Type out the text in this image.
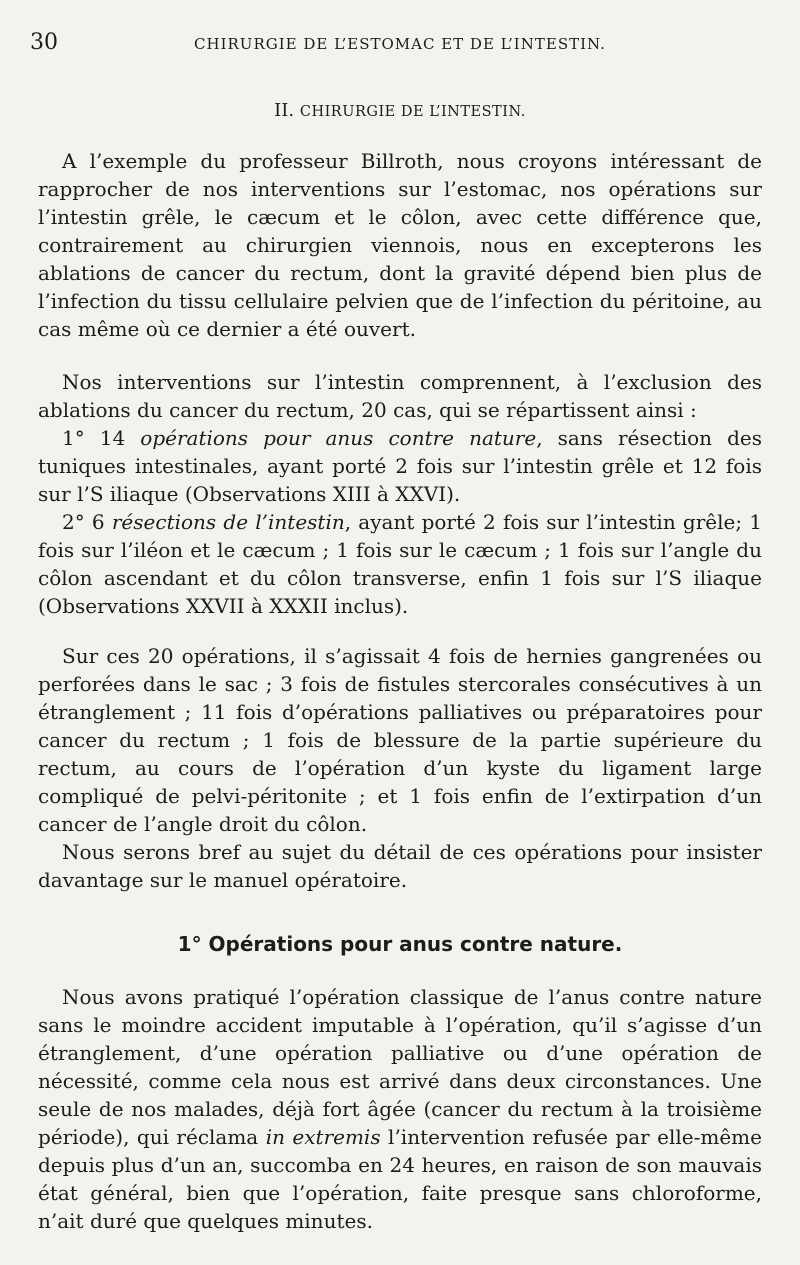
30	CHIRURGIE DE L’ESTOMAC ET DE L’INTESTIN.
II. CHIRURGIE DE L’INTESTIN.

A l’exemple du professeur Billroth, nous croyons intéressant de rapprocher de nos interventions sur l’estomac, nos opérations sur l’intestin grêle, le cæcum et le côlon, avec cette différence que, contrairement au chirurgien viennois, nous en excepterons les ablations de cancer du rectum, dont la gravité dépend bien plus de l’infection du tissu cellulaire pelvien que de l’infection du péritoine, au cas même où ce dernier a été ouvert.

Nos interventions sur l’intestin comprennent, à l’exclusion des ablations du cancer du rectum, 20 cas, qui se répartissent ainsi :

1° 14 opérations pour anus contre nature, sans résection des tuniques intestinales, ayant porté 2 fois sur l’intestin grêle et 12 fois sur l’S iliaque (Observations XIII à XXVI).

2° 6 résections de l’intestin, ayant porté 2 fois sur l’intestin grêle; 1 fois sur l’iléon et le cæcum ; 1 fois sur le cæcum ; 1 fois sur l’angle du côlon ascendant et du côlon transverse, enfin 1 fois sur l’S iliaque (Observations XXVII à XXXII inclus).

Sur ces 20 opérations, il s’agissait 4 fois de hernies gangrenées ou perforées dans le sac ; 3 fois de fistules stercorales consécutives à un étranglement ; 11 fois d’opérations palliatives ou préparatoires pour cancer du rectum ; 1 fois de blessure de la partie supérieure du rectum, au cours de l’opération d’un kyste du ligament large compliqué de pelvi-péritonite ; et 1 fois enfin de l’extirpation d’un cancer de l’angle droit du côlon.

Nous serons bref au sujet du détail de ces opérations pour insister davantage sur le manuel opératoire.

1° Opérations pour anus contre nature.

Nous avons pratiqué l’opération classique de l’anus contre nature sans le moindre accident imputable à l’opération, qu’il s’agisse d’un étranglement, d’une opération palliative ou d’une opération de nécessité, comme cela nous est arrivé dans deux circonstances. Une seule de nos malades, déjà fort âgée (cancer du rectum à la troisième période), qui réclama in extremis l’intervention refusée par elle-même depuis plus d’un an, succomba en 24 heures, en raison de son mauvais état général, bien que l’opération, faite presque sans chloroforme, n’ait duré que quelques minutes.
